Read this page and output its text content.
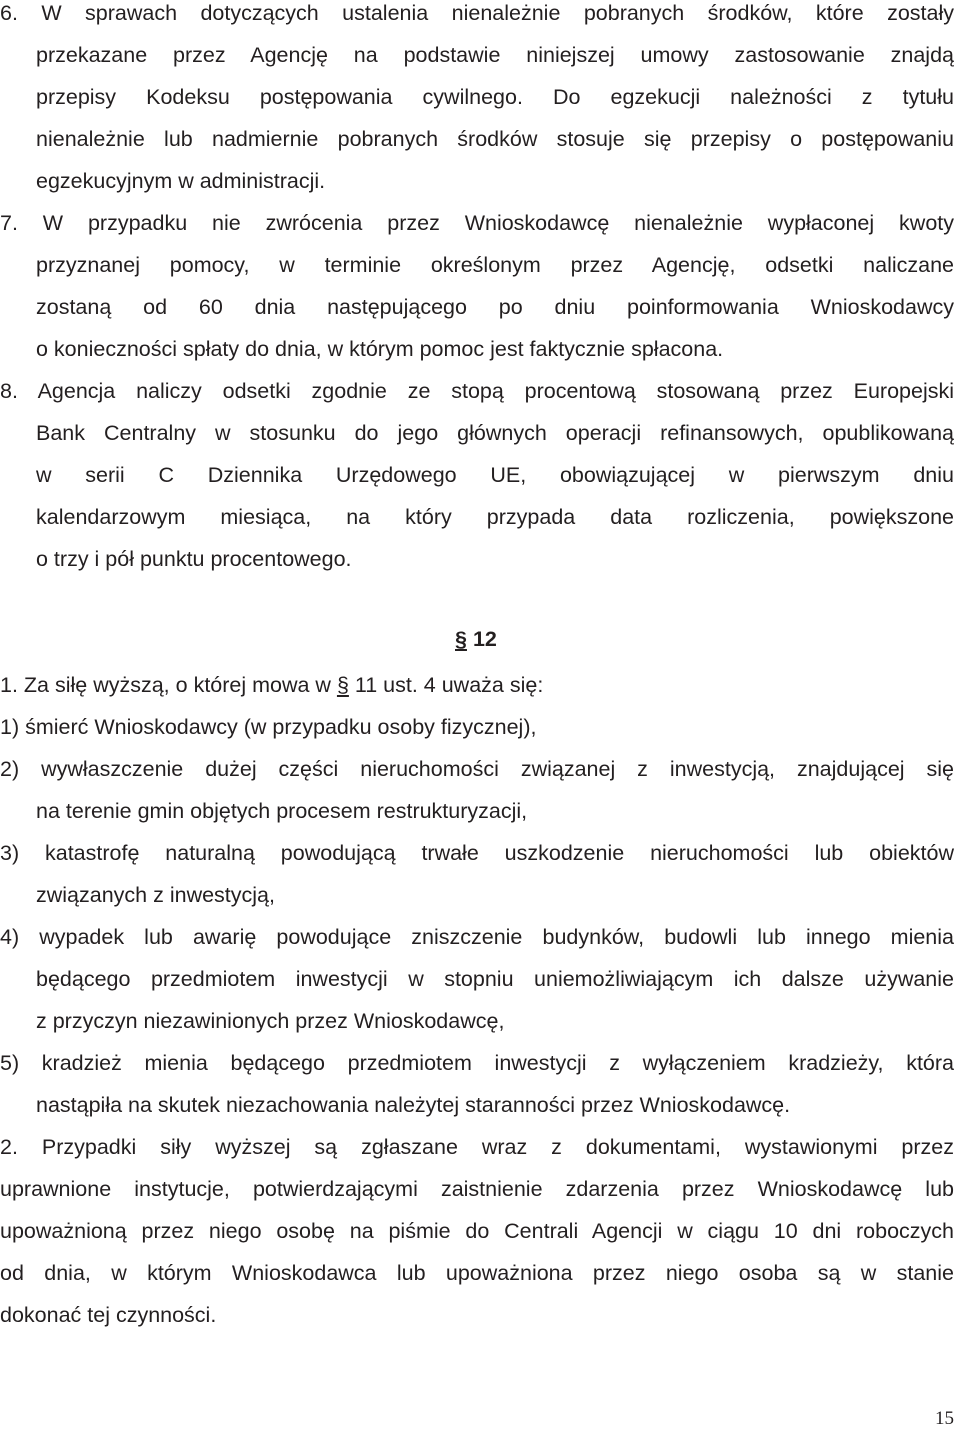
6. W sprawach dotyczących ustalenia nienależnie pobranych środków, które zostały
przekazane przez Agencję na podstawie niniejszej umowy zastosowanie znajdą
przepisy Kodeksu postępowania cywilnego. Do egzekucji należności z tytułu
nienależnie lub nadmiernie pobranych środków stosuje się przepisy o postępowaniu
egzekucyjnym w administracji.
7. W przypadku nie zwrócenia przez Wnioskodawcę nienależnie wypłaconej kwoty
przyznanej pomocy, w terminie określonym przez Agencję, odsetki naliczane
zostaną od 60 dnia następującego po dniu poinformowania Wnioskodawcy
o konieczności spłaty do dnia, w którym pomoc jest faktycznie spłacona.
8. Agencja naliczy odsetki zgodnie ze stopą procentową stosowaną przez Europejski
Bank Centralny w stosunku do jego głównych operacji refinansowych, opublikowaną
w serii C Dziennika Urzędowego UE, obowiązującej w pierwszym dniu
kalendarzowym miesiąca, na który przypada data rozliczenia, powiększone
o trzy i pół punktu procentowego.
§ 12
1. Za siłę wyższą, o której mowa w § 11 ust. 4 uważa się:
1) śmierć Wnioskodawcy (w przypadku osoby fizycznej),
2) wywłaszczenie dużej części nieruchomości związanej z inwestycją, znajdującej się
na terenie gmin objętych procesem restrukturyzacji,
3) katastrofę naturalną powodującą trwałe uszkodzenie nieruchomości lub obiektów
związanych z inwestycją,
4) wypadek lub awarię powodujące zniszczenie budynków, budowli lub innego mienia
będącego przedmiotem inwestycji w stopniu uniemożliwiającym ich dalsze używanie
z przyczyn niezawinionych przez Wnioskodawcę,
5) kradzież mienia będącego przedmiotem inwestycji z wyłączeniem kradzieży, która
nastąpiła na skutek niezachowania należytej staranności przez Wnioskodawcę.
2. Przypadki siły wyższej są zgłaszane wraz z dokumentami, wystawionymi przez
uprawnione instytucje, potwierdzającymi zaistnienie zdarzenia przez Wnioskodawcę lub
upoważnioną przez niego osobę na piśmie do Centrali Agencji w ciągu 10 dni roboczych
od dnia, w którym Wnioskodawca lub upoważniona przez niego osoba są w stanie
dokonać tej czynności.
15
